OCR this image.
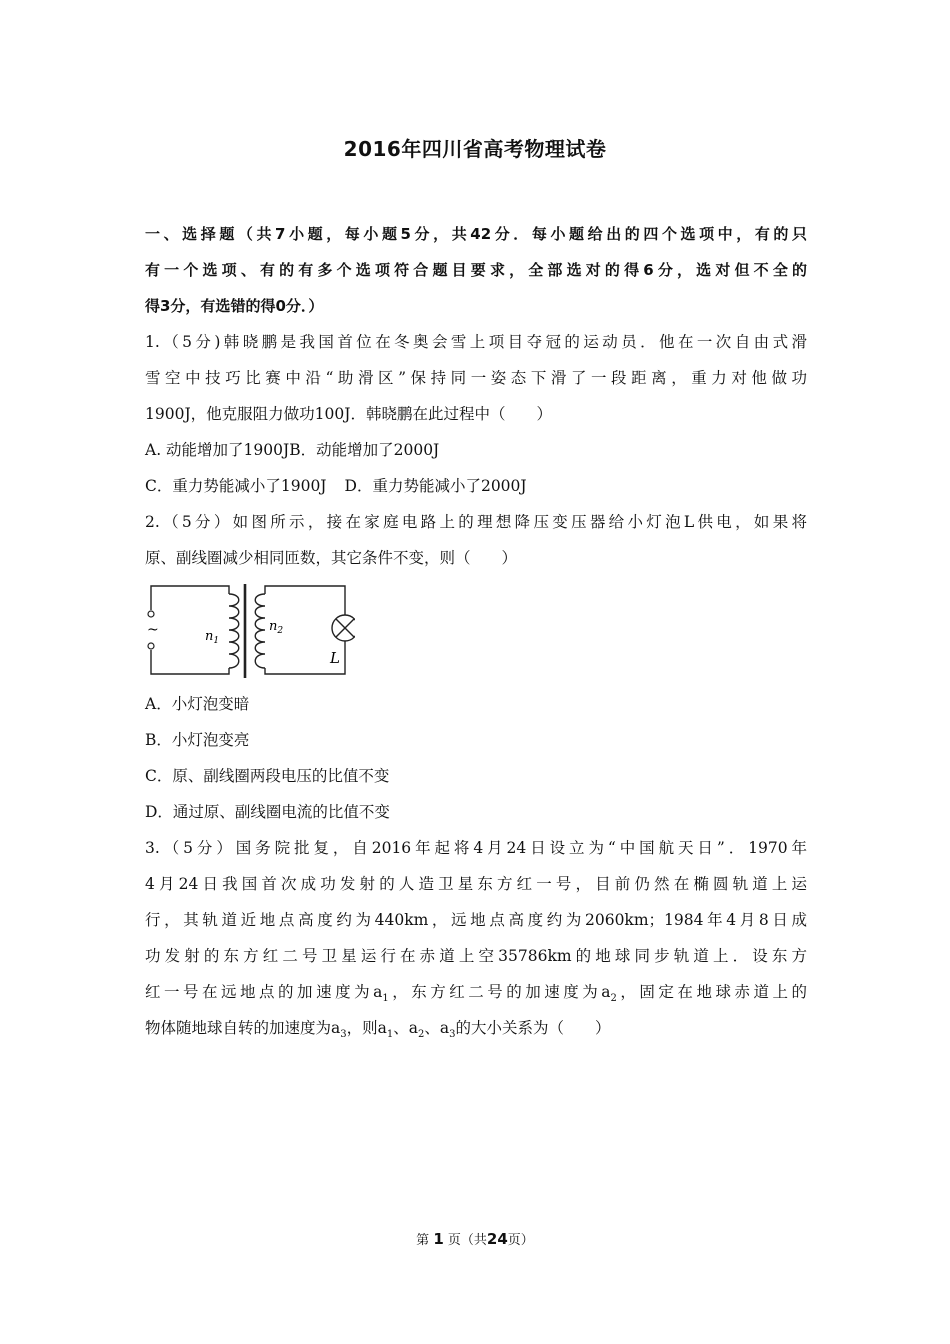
2016年四川省高考物理试卷
一、选择题（共7小题，每小题5分，共42分．每小题给出的四个选项中，有的只
有一个选项、有的有多个选项符合题目要求，全部选对的得6分，选对但不全的
得3分，有选错的得0分．）
1.（5分)韩晓鹏是我国首位在冬奥会雪上项目夺冠的运动员．他在一次自由式滑
雪空中技巧比赛中沿“助滑区”保持同一姿态下滑了一段距离，重力对他做功
1900J，他克服阻力做功100J．韩晓鹏在此过程中（　　）
A. 动能增加了1900JB．动能增加了2000J
C．重力势能减小了1900J D．重力势能减小了2000J
2.（5分）如图所示，接在家庭电路上的理想降压变压器给小灯泡L供电，如果将
原、副线圈减少相同匝数，其它条件不变，则（　　）
~	$n_1$
$n_2$
L
A．小灯泡变暗
B．小灯泡变亮
C．原、副线圈两段电压的比值不变
D．通过原、副线圈电流的比值不变
3.（5分）国务院批复，自2016年起将4月24日设立为“中国航天日”．1970年
4月24日我国首次成功发射的人造卫星东方红一号，目前仍然在椭圆轨道上运
行，其轨道近地点高度约为440km，远地点高度约为2060km；1984年4月8日成
功发射的东方红二号卫星运行在赤道上空35786km的地球同步轨道上．设东方
红一号在远地点的加速度为$a_1$，东方红二号的加速度为$a_2$，固定在地球赤道上的
物体随地球自转的加速度为$a_3$，则$a_1$、$a_2$、$a_3$的大小关系为（　　）
第 1 页（共24页）
